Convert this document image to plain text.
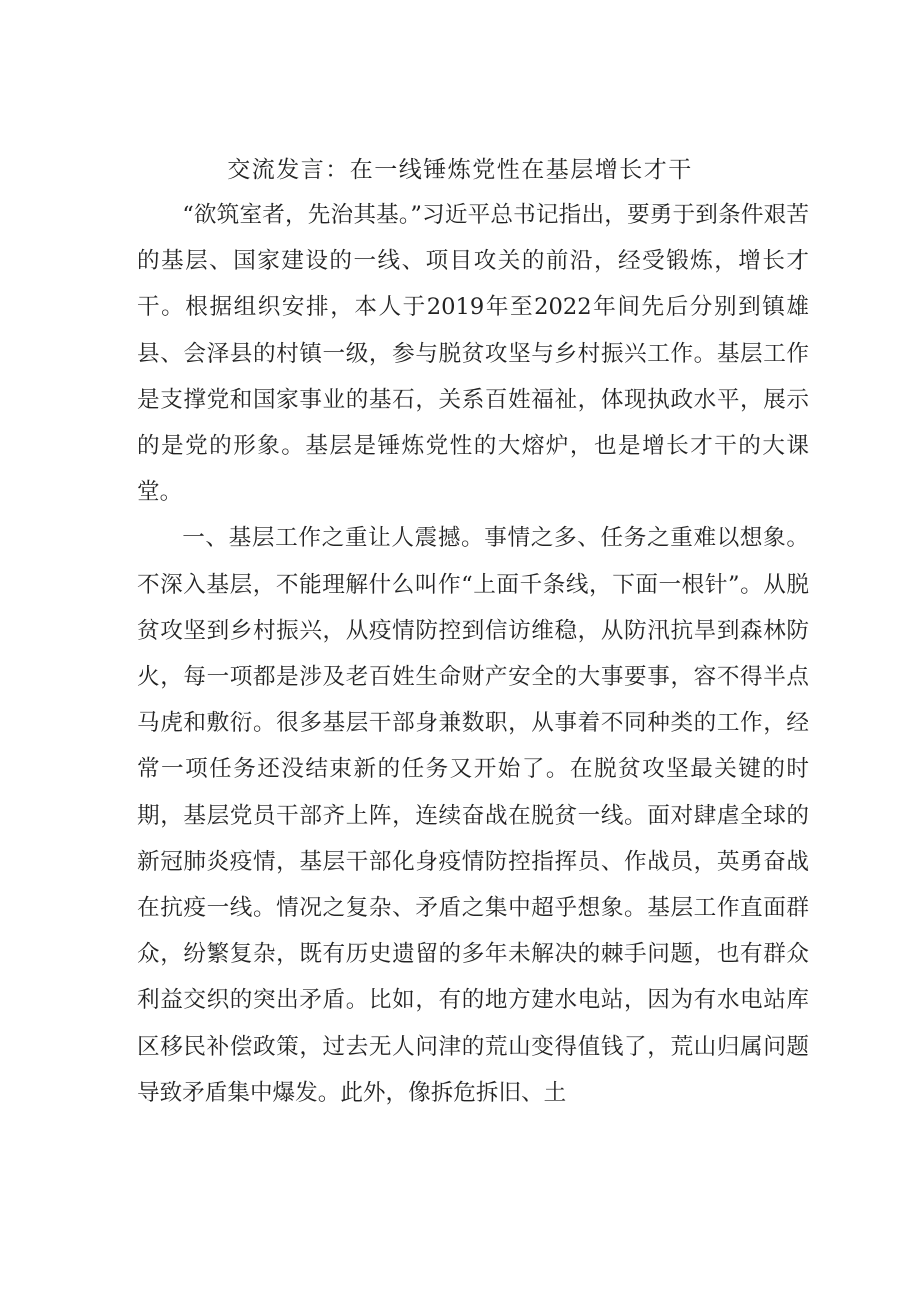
交流发言：在一线锤炼党性在基层增长才干

“欲筑室者，先治其基。”习近平总书记指出，要勇于到条件艰苦的基层、国家建设的一线、项目攻关的前沿，经受锻炼，增长才干。根据组织安排，本人于2019年至2022年间先后分别到镇雄县、会泽县的村镇一级，参与脱贫攻坚与乡村振兴工作。基层工作是支撑党和国家事业的基石，关系百姓福祉，体现执政水平，展示的是党的形象。基层是锤炼党性的大熔炉，也是增长才干的大课堂。

一、基层工作之重让人震撼。事情之多、任务之重难以想象。不深入基层，不能理解什么叫作“上面千条线，下面一根针”。从脱贫攻坚到乡村振兴，从疫情防控到信访维稳，从防汛抗旱到森林防火，每一项都是涉及老百姓生命财产安全的大事要事，容不得半点马虎和敷衍。很多基层干部身兼数职，从事着不同种类的工作，经常一项任务还没结束新的任务又开始了。在脱贫攻坚最关键的时期，基层党员干部齐上阵，连续奋战在脱贫一线。面对肆虐全球的新冠肺炎疫情，基层干部化身疫情防控指挥员、作战员，英勇奋战在抗疫一线。情况之复杂、矛盾之集中超乎想象。基层工作直面群众，纷繁复杂，既有历史遗留的多年未解决的棘手问题，也有群众利益交织的突出矛盾。比如，有的地方建水电站，因为有水电站库区移民补偿政策，过去无人问津的荒山变得值钱了，荒山归属问题导致矛盾集中爆发。此外，像拆危拆旧、土
